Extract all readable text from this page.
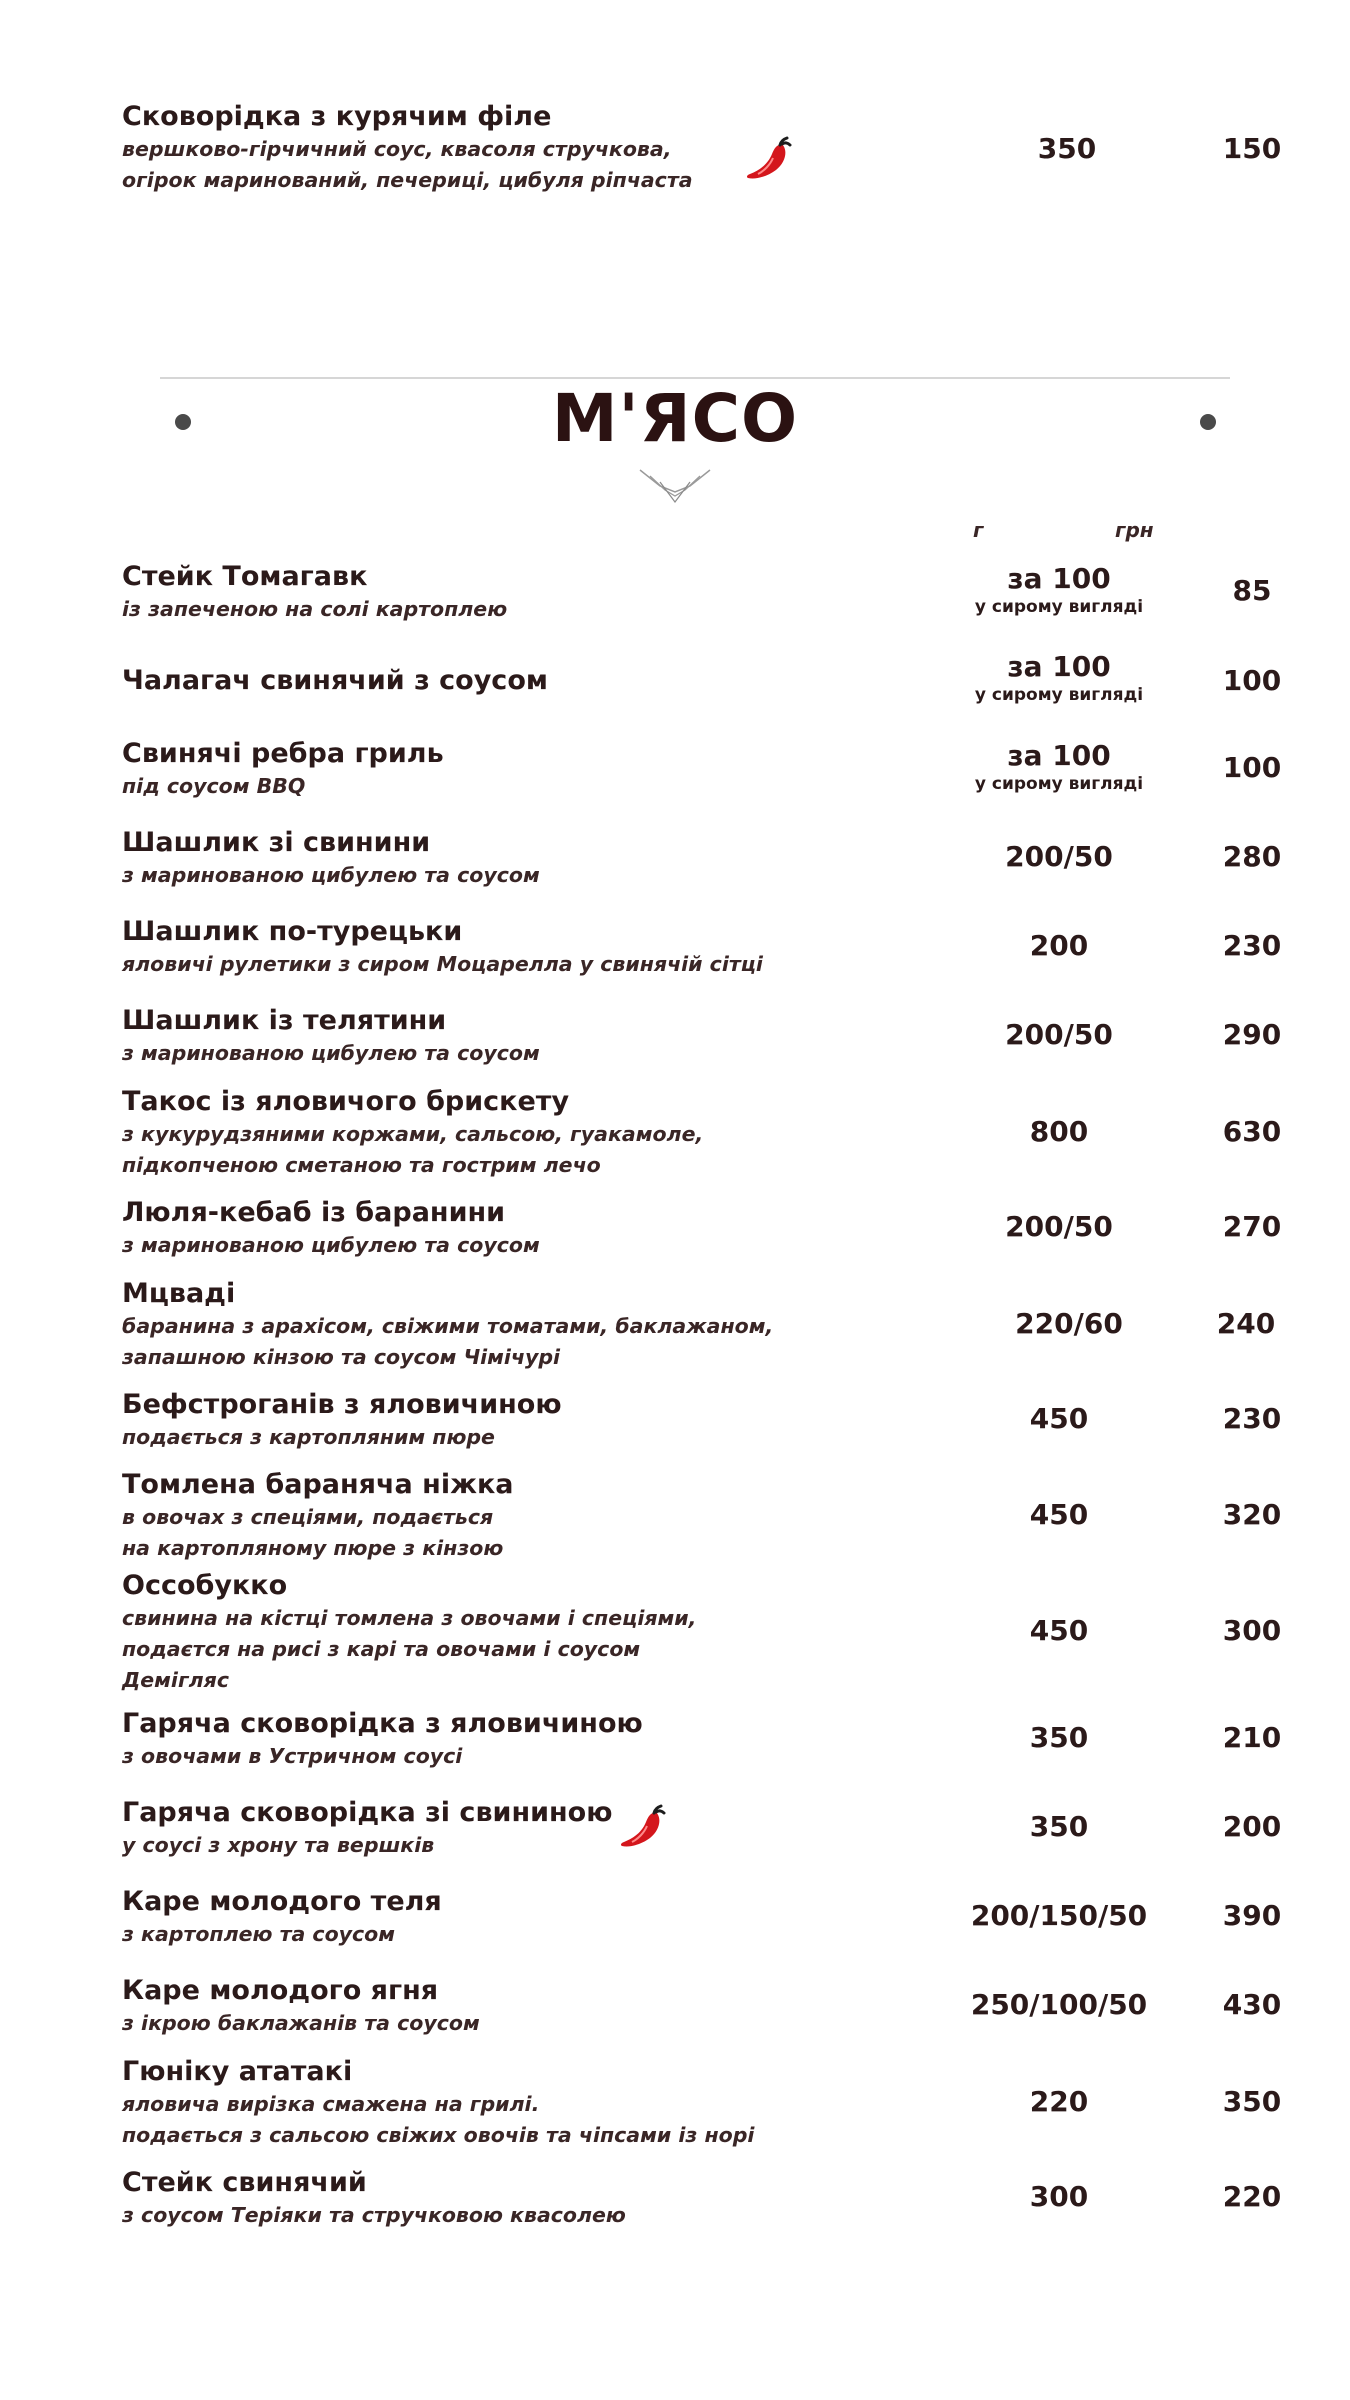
Сковорідка з курячим філе
вершково-гірчичний соус, квасоля стручкова,
огірок маринований, печериці, цибуля ріпчаста
350	150
М'ЯСО
г	грн
Стейк Томагавк
із запеченою на солі картоплею
за 100
у сирому вигляді	85
Чалагач свинячий з соусом	за 100
у сирому вигляді	100
Свинячі ребра гриль
під соусом BBQ
за 100
у сирому вигляді	100
Шашлик зі свинини
з маринованою цибулею та соусом
200/50	280
Шашлик по-турецьки
яловичі рулетики з сиром Моцарелла у свинячій сітці
200	230
Шашлик із телятини
з маринованою цибулею та соусом
200/50	290
Такос із яловичого брискету
з кукурудзяними коржами, сальсою, гуакамоле,
підкопченою сметаною та гострим лечо
800	630
Люля-кебаб із баранини
з маринованою цибулею та соусом
200/50	270
Мцваді
баранина з арахісом, свіжими томатами, баклажаном,
запашною кінзою та соусом Чімічурі
220/60	240
Бефстроганів з яловичиною
подається з картопляним пюре
450	230
Томлена бараняча ніжка
в овочах з спеціями, подається
на картопляному пюре з кінзою
450	320
Оссобукко
свинина на кістці томлена з овочами і спеціями,
подаєтся на рисі з карі та овочами і соусом
Демігляс
450	300
Гаряча сковорідка з яловичиною
з овочами в Устричном соусі
350	210
Гаряча сковорідка зі свининою
у соусі з хрону та вершків
350	200
Каре молодого теля
з картоплею та соусом
200/150/50	390
Каре молодого ягня
з ікрою баклажанів та соусом
250/100/50	430
Гюніку ататакі
яловича вирізка смажена на грилі.
подається з сальсою свіжих овочів та чіпсами із норі
220	350
Стейк свинячий
з соусом Теріяки та стручковою квасолею
300	220
